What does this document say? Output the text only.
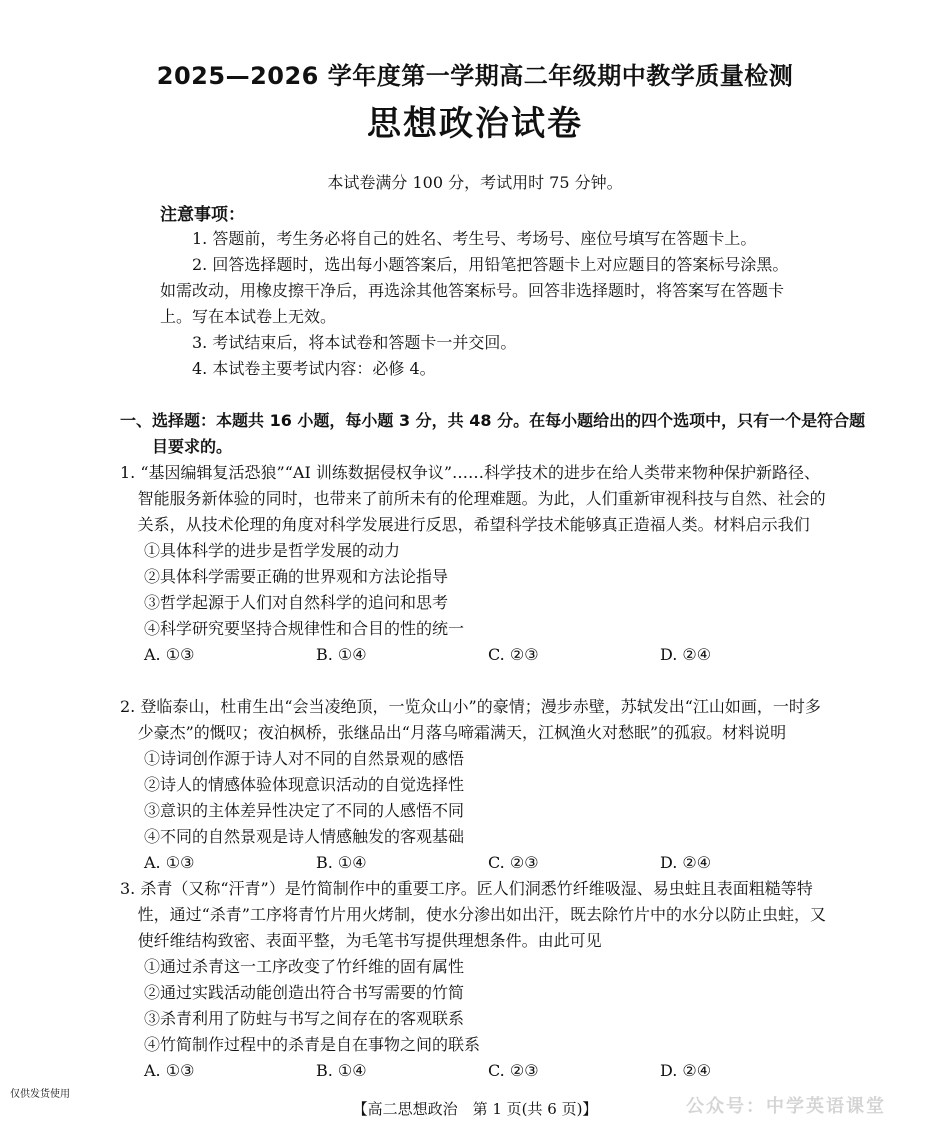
2025—2026 学年度第一学期高二年级期中教学质量检测
思想政治试卷
本试卷满分 100 分，考试用时 75 分钟。
注意事项：

1. 答题前，考生务必将自己的姓名、考生号、考场号、座位号填写在答题卡上。

2. 回答选择题时，选出每小题答案后，用铅笔把答题卡上对应题目的答案标号涂黑。如需改动，用橡皮擦干净后，再选涂其他答案标号。回答非选择题时，将答案写在答题卡上。写在本试卷上无效。

3. 考试结束后，将本试卷和答题卡一并交回。

4. 本试卷主要考试内容：必修 4。

一、选择题：本题共 16 小题，每小题 3 分，共 48 分。在每小题给出的四个选项中，只有一个是符合题目要求的。
1. “基因编辑复活恐狼”“AI 训练数据侵权争议”……科学技术的进步在给人类带来物种保护新路径、智能服务新体验的同时，也带来了前所未有的伦理难题。为此，人们重新审视科技与自然、社会的关系，从技术伦理的角度对科学发展进行反思，希望科学技术能够真正造福人类。材料启示我们
①具体科学的进步是哲学发展的动力
②具体科学需要正确的世界观和方法论指导
③哲学起源于人们对自然科学的追问和思考
④科学研究要坚持合规律性和合目的性的统一
A. ①③	B. ①④	C. ②③	D. ②④
2. 登临泰山，杜甫生出“会当凌绝顶，一览众山小”的豪情；漫步赤壁，苏轼发出“江山如画，一时多少豪杰”的慨叹；夜泊枫桥，张继品出“月落乌啼霜满天，江枫渔火对愁眠”的孤寂。材料说明
①诗词创作源于诗人对不同的自然景观的感悟
②诗人的情感体验体现意识活动的自觉选择性
③意识的主体差异性决定了不同的人感悟不同
④不同的自然景观是诗人情感触发的客观基础
A. ①③	B. ①④	C. ②③	D. ②④
3. 杀青（又称“汗青”）是竹简制作中的重要工序。匠人们洞悉竹纤维吸湿、易虫蛀且表面粗糙等特性，通过“杀青”工序将青竹片用火烤制，使水分渗出如出汗，既去除竹片中的水分以防止虫蛀，又使纤维结构致密、表面平整，为毛笔书写提供理想条件。由此可见
①通过杀青这一工序改变了竹纤维的固有属性
②通过实践活动能创造出符合书写需要的竹简
③杀青利用了防蛀与书写之间存在的客观联系
④竹简制作过程中的杀青是自在事物之间的联系
A. ①③	B. ①④	C. ②③	D. ②④
仅供发货使用
【高二思想政治　第 1 页(共 6 页)】	公众号：中学英语课堂
